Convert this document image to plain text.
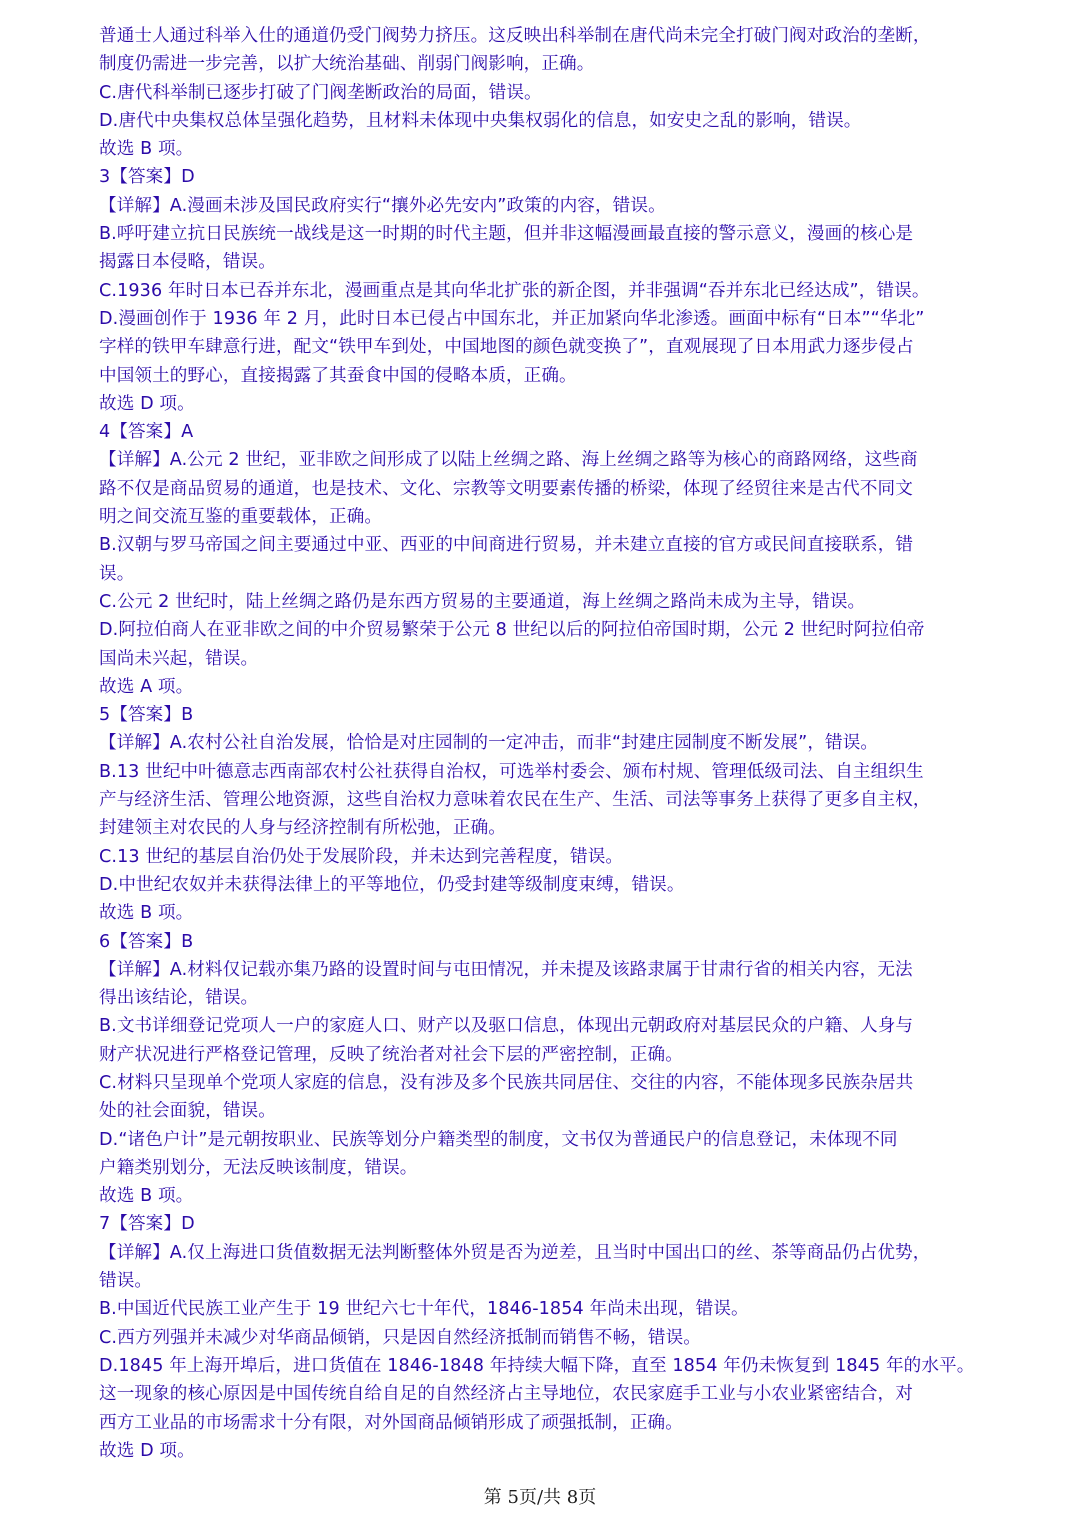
普通士人通过科举入仕的通道仍受门阀势力挤压。这反映出科举制在唐代尚未完全打破门阀对政治的垄断，
制度仍需进一步完善，以扩大统治基础、削弱门阀影响，正确。
C.唐代科举制已逐步打破了门阀垄断政治的局面，错误。
D.唐代中央集权总体呈强化趋势，且材料未体现中央集权弱化的信息，如安史之乱的影响，错误。
故选 B 项。
3【答案】D
【详解】A.漫画未涉及国民政府实行“攘外必先安内”政策的内容，错误。
B.呼吁建立抗日民族统一战线是这一时期的时代主题，但并非这幅漫画最直接的警示意义，漫画的核心是
揭露日本侵略，错误。
C.1936 年时日本已吞并东北，漫画重点是其向华北扩张的新企图，并非强调“吞并东北已经达成”，错误。
D.漫画创作于 1936 年 2 月，此时日本已侵占中国东北，并正加紧向华北渗透。画面中标有“日本”“华北”
字样的铁甲车肆意行进，配文“铁甲车到处，中国地图的颜色就变换了”，直观展现了日本用武力逐步侵占
中国领土的野心，直接揭露了其蚕食中国的侵略本质，正确。
故选 D 项。
4【答案】A
【详解】A.公元 2 世纪，亚非欧之间形成了以陆上丝绸之路、海上丝绸之路等为核心的商路网络，这些商
路不仅是商品贸易的通道，也是技术、文化、宗教等文明要素传播的桥梁，体现了经贸往来是古代不同文
明之间交流互鉴的重要载体，正确。
B.汉朝与罗马帝国之间主要通过中亚、西亚的中间商进行贸易，并未建立直接的官方或民间直接联系，错
误。
C.公元 2 世纪时，陆上丝绸之路仍是东西方贸易的主要通道，海上丝绸之路尚未成为主导，错误。
D.阿拉伯商人在亚非欧之间的中介贸易繁荣于公元 8 世纪以后的阿拉伯帝国时期，公元 2 世纪时阿拉伯帝
国尚未兴起，错误。
故选 A 项。
5【答案】B
【详解】A.农村公社自治发展，恰恰是对庄园制的一定冲击，而非“封建庄园制度不断发展”，错误。
B.13 世纪中叶德意志西南部农村公社获得自治权，可选举村委会、颁布村规、管理低级司法、自主组织生
产与经济生活、管理公地资源，这些自治权力意味着农民在生产、生活、司法等事务上获得了更多自主权，
封建领主对农民的人身与经济控制有所松弛，正确。
C.13 世纪的基层自治仍处于发展阶段，并未达到完善程度，错误。
D.中世纪农奴并未获得法律上的平等地位，仍受封建等级制度束缚，错误。
故选 B 项。
6【答案】B
【详解】A.材料仅记载亦集乃路的设置时间与屯田情况，并未提及该路隶属于甘肃行省的相关内容，无法
得出该结论，错误。
B.文书详细登记党项人一户的家庭人口、财产以及驱口信息，体现出元朝政府对基层民众的户籍、人身与
财产状况进行严格登记管理，反映了统治者对社会下层的严密控制，正确。
C.材料只呈现单个党项人家庭的信息，没有涉及多个民族共同居住、交往的内容，不能体现多民族杂居共
处的社会面貌，错误。
D.“诸色户计”是元朝按职业、民族等划分户籍类型的制度，文书仅为普通民户的信息登记，未体现不同
户籍类别划分，无法反映该制度，错误。
故选 B 项。
7【答案】D
【详解】A.仅上海进口货值数据无法判断整体外贸是否为逆差，且当时中国出口的丝、茶等商品仍占优势，
错误。
B.中国近代民族工业产生于 19 世纪六七十年代，1846-1854 年尚未出现，错误。
C.西方列强并未减少对华商品倾销，只是因自然经济抵制而销售不畅，错误。
D.1845 年上海开埠后，进口货值在 1846-1848 年持续大幅下降，直至 1854 年仍未恢复到 1845 年的水平。
这一现象的核心原因是中国传统自给自足的自然经济占主导地位，农民家庭手工业与小农业紧密结合，对
西方工业品的市场需求十分有限，对外国商品倾销形成了顽强抵制，正确。
故选 D 项。
第 5页/共 8页
